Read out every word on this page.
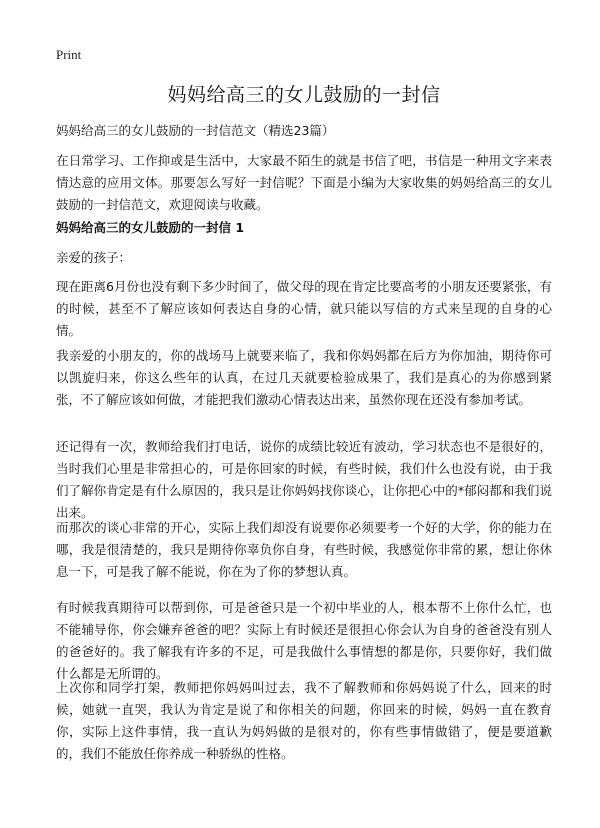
Print
妈妈给高三的女儿鼓励的一封信

妈妈给高三的女儿鼓励的一封信范文（精选23篇）

在日常学习、工作抑或是生活中，大家最不陌生的就是书信了吧，书信是一种用文字来表情达意的应用文体。那要怎么写好一封信呢？下面是小编为大家收集的妈妈给高三的女儿鼓励的一封信范文，欢迎阅读与收藏。

妈妈给高三的女儿鼓励的一封信 1

亲爱的孩子：

现在距离6月份也没有剩下多少时间了，做父母的现在肯定比要高考的小朋友还要紧张，有的时候，甚至不了解应该如何表达自身的心情，就只能以写信的方式来呈现的自身的心情。

我亲爱的小朋友的，你的战场马上就要来临了，我和你妈妈都在后方为你加油，期待你可以凯旋归来，你这么些年的认真，在过几天就要检验成果了，我们是真心的为你感到紧张，不了解应该如何做，才能把我们激动心情表达出来，虽然你现在还没有参加考试。

还记得有一次，教师给我们打电话，说你的成绩比较近有波动，学习状态也不是很好的，当时我们心里是非常担心的，可是你回家的时候，有些时候，我们什么也没有说，由于我们了解你肯定是有什么原因的，我只是让你妈妈找你谈心，让你把心中的*郁闷都和我们说出来。

而那次的谈心非常的开心，实际上我们却没有说要你必须要考一个好的大学，你的能力在哪，我是很清楚的，我只是期待你辜负你自身，有些时候，我感觉你非常的累，想让你休息一下，可是我了解不能说，你在为了你的梦想认真。

有时候我真期待可以帮到你，可是爸爸只是一个初中毕业的人，根本帮不上你什么忙，也不能辅导你，你会嫌弃爸爸的吧？实际上有时候还是很担心你会认为自身的爸爸没有别人的爸爸好的。我了解我有许多的不足，可是我做什么事情想的都是你，只要你好，我们做什么都是无所谓的。

上次你和同学打架，教师把你妈妈叫过去，我不了解教师和你妈妈说了什么，回来的时候，她就一直哭，我认为肯定是说了和你相关的问题，你回来的时候，妈妈一直在教育你，实际上这件事情，我一直认为妈妈做的是很对的，你有些事情做错了，便是要道歉的，我们不能放任你养成一种骄纵的性格。
